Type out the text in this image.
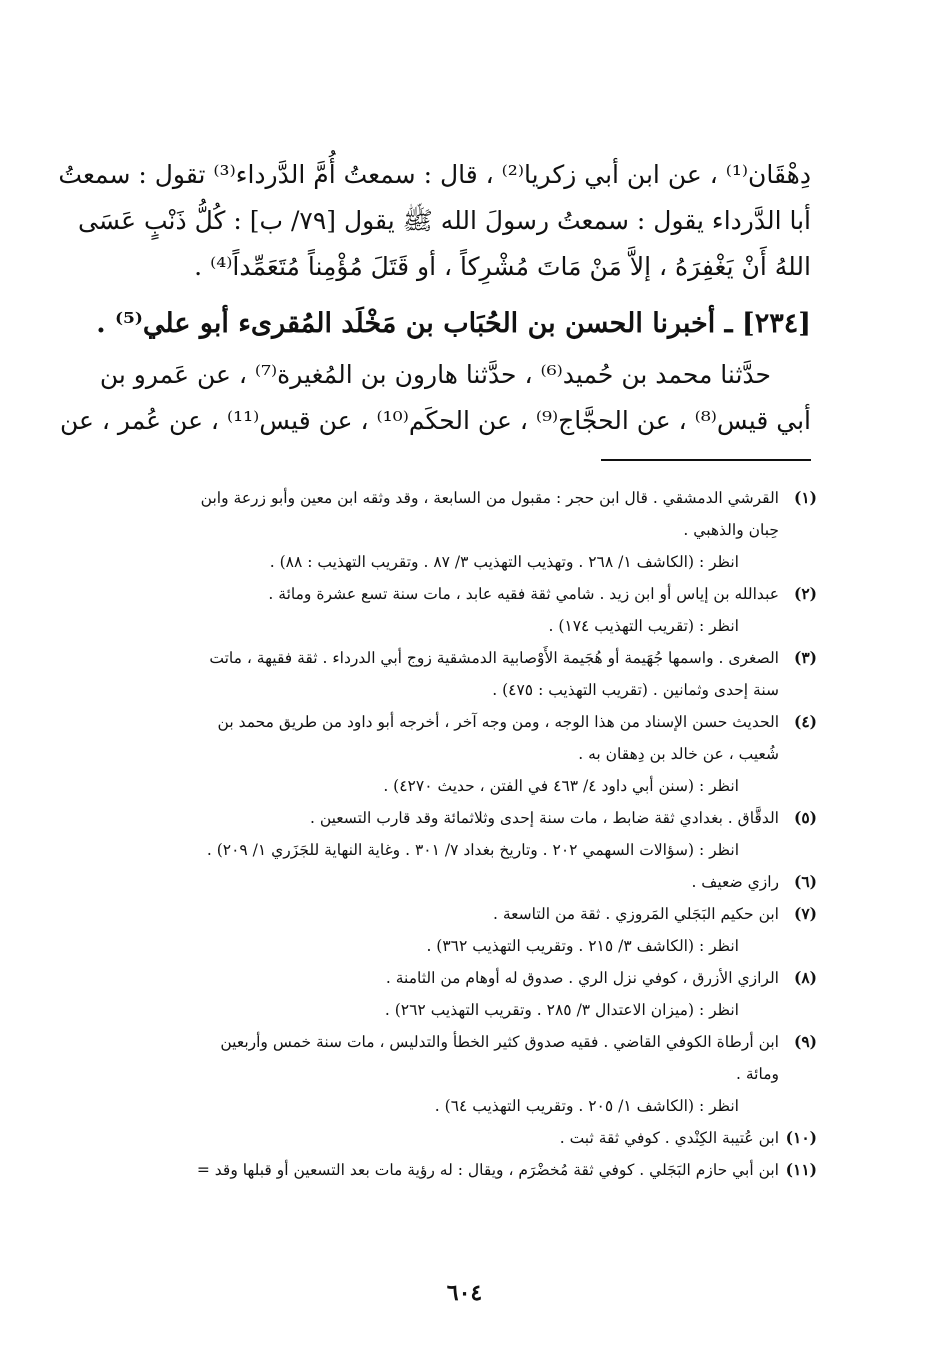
دِهْقَان⁽¹⁾ ، عن ابن أبي زكريا⁽²⁾ ، قال : سمعتُ أُمَّ الدَّرداء⁽³⁾ تقول : سمعتُ
أبا الدَّرداء يقول : سمعتُ رسولَ الله ﷺ يقول [٧٩/ ب] : كُلُّ ذَنْبٍ عَسَى
اللهُ أَنْ يَغْفِرَهُ ، إلاَّ مَنْ مَاتَ مُشْرِكاً ، أو قَتَلَ مُؤْمِناً مُتَعَمِّداً⁽⁴⁾ .
[٢٣٤] ـ أخبرنا الحسن بن الحُبَاب بن مَخْلَد المُقرىء أبو علي⁽⁵⁾ .
حدَّثنا محمد بن حُميد⁽⁶⁾ ، حدَّثنا هارون بن المُغيرة⁽⁷⁾ ، عن عَمرو بن
أبي قيس⁽⁸⁾ ، عن الحجَّاج⁽⁹⁾ ، عن الحكَم⁽¹⁰⁾ ، عن قيس⁽¹¹⁾ ، عن عُمر ، عن
(١)القرشي الدمشقي . قال ابن حجر : مقبول من السابعة ، وقد وثقه ابن معين وأبو زرعة وابن
حِبان والذهبي .
انظر : (الكاشف ١/ ٢٦٨ . وتهذيب التهذيب ٣/ ٨٧ . وتقريب التهذيب : ٨٨) .
(٢)عبدالله بن إياس أو ابن زيد . شامي ثقة فقيه عابد ، مات سنة تسع عشرة ومائة .
انظر : (تقريب التهذيب ١٧٤) .
(٣)الصغرى . واسمها جُهَيمة أو هُجَيمة الأَوْصابية الدمشقية زوج أبي الدرداء . ثقة فقيهة ، ماتت
سنة إحدى وثمانين . (تقريب التهذيب : ٤٧٥) .
(٤)الحديث حسن الإسناد من هذا الوجه ، ومن وجه آخر ، أخرجه أبو داود من طريق محمد بن
شُعيب ، عن خالد بن دِهقان به .
انظر : (سنن أبي داود ٤/ ٤٦٣ في الفتن ، حديث ٤٢٧٠) .
(٥)الدقَّاق . بغدادي ثقة ضابط ، مات سنة إحدى وثلاثمائة وقد قارب التسعين .
انظر : (سؤالات السهمي ٢٠٢ . وتاريخ بغداد ٧/ ٣٠١ . وغاية النهاية للجَزَري ١/ ٢٠٩) .
(٦)رازي ضعيف .
(٧)ابن حكيم البَجَلي المَروزي . ثقة من التاسعة .
انظر : (الكاشف ٣/ ٢١٥ . وتقريب التهذيب ٣٦٢) .
(٨)الرازي الأزرق ، كوفي نزل الري . صدوق له أوهام من الثامنة .
انظر : (ميزان الاعتدال ٣/ ٢٨٥ . وتقريب التهذيب ٢٦٢) .
(٩)ابن أرطاة الكوفي القاضي . فقيه صدوق كثير الخطأ والتدليس ، مات سنة خمس وأربعين
ومائة .
انظر : (الكاشف ١/ ٢٠٥ . وتقريب التهذيب ٦٤) .
(١٠)ابن عُتيبة الكِنْدي . كوفي ثقة ثبت .
(١١)ابن أبي حازم البَجَلي . كوفي ثقة مُخضْرَم ، ويقال : له رؤية مات بعد التسعين أو قبلها وقد =
٦٠٤
